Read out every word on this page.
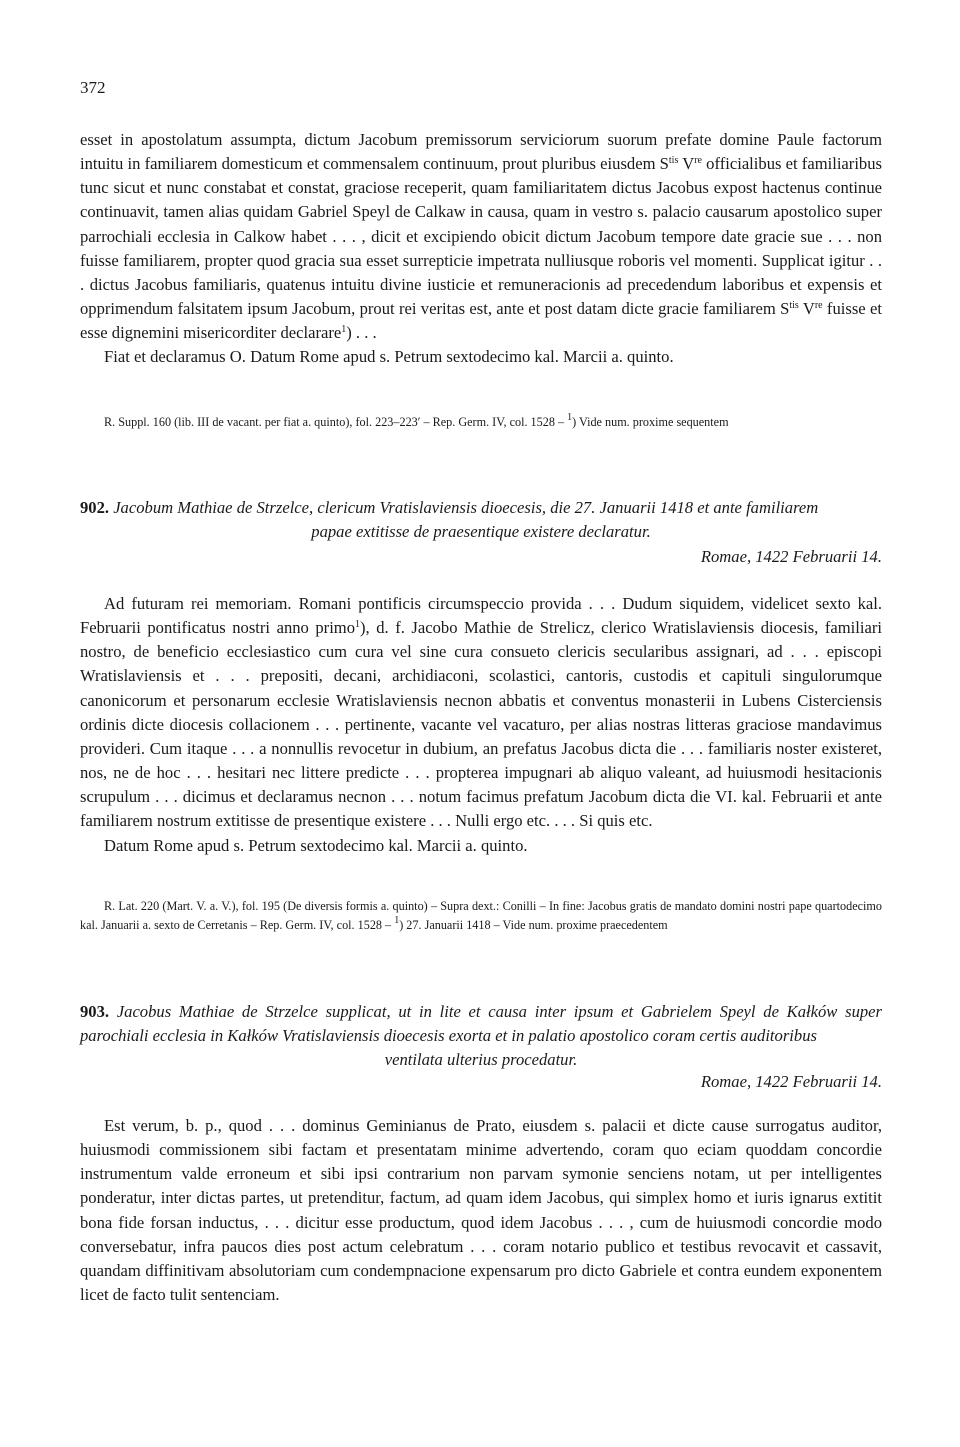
372

esset in apostolatum assumpta, dictum Jacobum premissorum serviciorum suorum prefate domine Paule factorum intuitu in familiarem domesticum et commensalem continuum, prout pluribus eiusdem $S^{tis}$ Vre officialibus et familiaribus tunc sicut et nunc constabat et constat, graciose receperit, quam familiaritatem dictus Jacobus expost hactenus continue continuavit, tamen alias quidam Gabriel Speyl de Calkaw in causa, quam in vestro s. palacio causarum apostolico super parrochiali ecclesia in Calkow habet . . . , dicit et excipiendo obicit dictum Jacobum tempore date gracie sue . . . non fuisse familiarem, propter quod gracia sua esset surrepticie impetrata nulliusque roboris vel momenti. Supplicat igitur . . . dictus Jacobus familiaris, quatenus intuitu divine iusticie et remuneracionis ad precedendum laboribus et expensis et opprimendum falsitatem ipsum Jacobum, prout rei veritas est, ante et post datam dicte gracie familiarem $S^{tis}$ Vre fuisse et esse dignemini misericorditer declarare$^1$) . . .

Fiat et declaramus O. Datum Rome apud s. Petrum sextodecimo kal. Marcii a. quinto.

R. Suppl. 160 (lib. III de vacant. per fiat a. quinto), fol. 223–223′ – Rep. Germ. IV, col. 1528 – $^1$) Vide num. proxime sequentem

902. Jacobum Mathiae de Strzelce, clericum Vratislaviensis dioecesis, die 27. Januarii 1418 et ante familiarem
papae extitisse de praesentique existere declaratur.
Romae, 1422 Februarii 14.

Ad futuram rei memoriam. Romani pontificis circumspeccio provida . . . Dudum siquidem, videlicet sexto kal. Februarii pontificatus nostri anno primo$^1$), d. f. Jacobo Mathie de Strelicz, clerico Wratislaviensis diocesis, familiari nostro, de beneficio ecclesiastico cum cura vel sine cura consueto clericis secularibus assignari, ad . . . episcopi Wratislaviensis et . . . prepositi, decani, archidiaconi, scolastici, cantoris, custodis et capituli singulorumque canonicorum et personarum ecclesie Wratislaviensis necnon abbatis et conventus monasterii in Lubens Cisterciensis ordinis dicte diocesis collacionem . . . pertinente, vacante vel vacaturo, per alias nostras litteras graciose mandavimus provideri. Cum itaque . . . a nonnullis revocetur in dubium, an prefatus Jacobus dicta die . . . familiaris noster existeret, nos, ne de hoc . . . hesitari nec littere predicte . . . propterea impugnari ab aliquo valeant, ad huiusmodi hesitacionis scrupulum . . . dicimus et declaramus necnon . . . notum facimus prefatum Jacobum dicta die VI. kal. Februarii et ante familiarem nostrum extitisse de presentique existere . . . Nulli ergo etc. . . . Si quis etc.

Datum Rome apud s. Petrum sextodecimo kal. Marcii a. quinto.

R. Lat. 220 (Mart. V. a. V.), fol. 195 (De diversis formis a. quinto) – Supra dext.: Conilli – In fine: Jacobus gratis de mandato domini nostri pape quartodecimo kal. Januarii a. sexto de Cerretanis – Rep. Germ. IV, col. 1528 – $^1$) 27. Januarii 1418 – Vide num. proxime praecedentem

903. Jacobus Mathiae de Strzelce supplicat, ut in lite et causa inter ipsum et Gabrielem Speyl de Kałków super parochiali ecclesia in Kałków Vratislaviensis dioecesis exorta et in palatio apostolico coram certis auditoribus
ventilata ulterius procedatur.
Romae, 1422 Februarii 14.

Est verum, b. p., quod . . . dominus Geminianus de Prato, eiusdem s. palacii et dicte cause surrogatus auditor, huiusmodi commissionem sibi factam et presentatam minime advertendo, coram quo eciam quoddam concordie instrumentum valde erroneum et sibi ipsi contrarium non parvam symonie senciens notam, ut per intelligentes ponderatur, inter dictas partes, ut pretenditur, factum, ad quam idem Jacobus, qui simplex homo et iuris ignarus extitit bona fide forsan inductus, . . . dicitur esse productum, quod idem Jacobus . . . , cum de huiusmodi concordie modo conversebatur, infra paucos dies post actum celebratum . . . coram notario publico et testibus revocavit et cassavit, quandam diffinitivam absolutoriam cum condempnacione expensarum pro dicto Gabriele et contra eundem exponentem licet de facto tulit sentenciam.
